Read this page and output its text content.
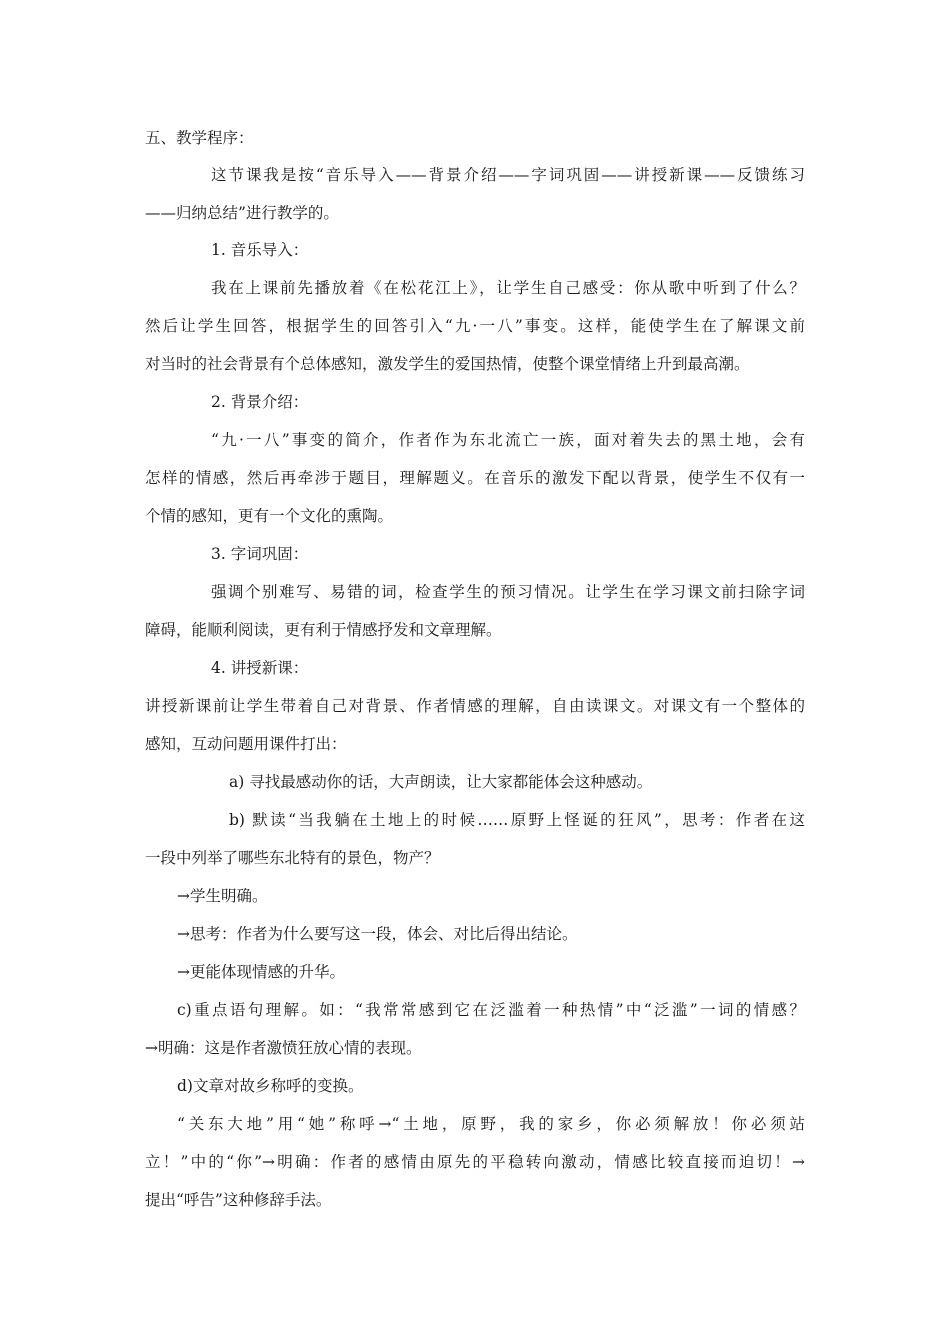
五、教学程序：
这节课我是按“音乐导入——背景介绍——字词巩固——讲授新课——反馈练习
——归纳总结”进行教学的。
1. 音乐导入：
我在上课前先播放着《在松花江上》，让学生自己感受：你从歌中听到了什么？
然后让学生回答，根据学生的回答引入“九·一八”事变。这样，能使学生在了解课文前
对当时的社会背景有个总体感知，激发学生的爱国热情，使整个课堂情绪上升到最高潮。
2. 背景介绍：
“九·一八”事变的简介，作者作为东北流亡一族，面对着失去的黑土地，会有
怎样的情感，然后再牵涉于题目，理解题义。在音乐的激发下配以背景，使学生不仅有一
个情的感知，更有一个文化的熏陶。
3. 字词巩固：
强调个别难写、易错的词，检查学生的预习情况。让学生在学习课文前扫除字词
障碍，能顺利阅读，更有利于情感抒发和文章理解。
4. 讲授新课：
讲授新课前让学生带着自己对背景、作者情感的理解，自由读课文。对课文有一个整体的
感知，互动问题用课件打出：
a) 寻找最感动你的话，大声朗读，让大家都能体会这种感动。
b) 默读“当我躺在土地上的时候……原野上怪诞的狂风”，思考：作者在这
一段中列举了哪些东北特有的景色，物产？
→学生明确。
→思考：作者为什么要写这一段，体会、对比后得出结论。
→更能体现情感的升华。
c)重点语句理解。如：“我常常感到它在泛滥着一种热情”中“泛滥”一词的情感？
→明确：这是作者激愤狂放心情的表现。
d)文章对故乡称呼的变换。
“关东大地”用“她”称呼→“土地，原野，我的家乡，你必须解放！你必须站
立！”中的“你”→明确：作者的感情由原先的平稳转向激动，情感比较直接而迫切！→
提出“呼告”这种修辞手法。
